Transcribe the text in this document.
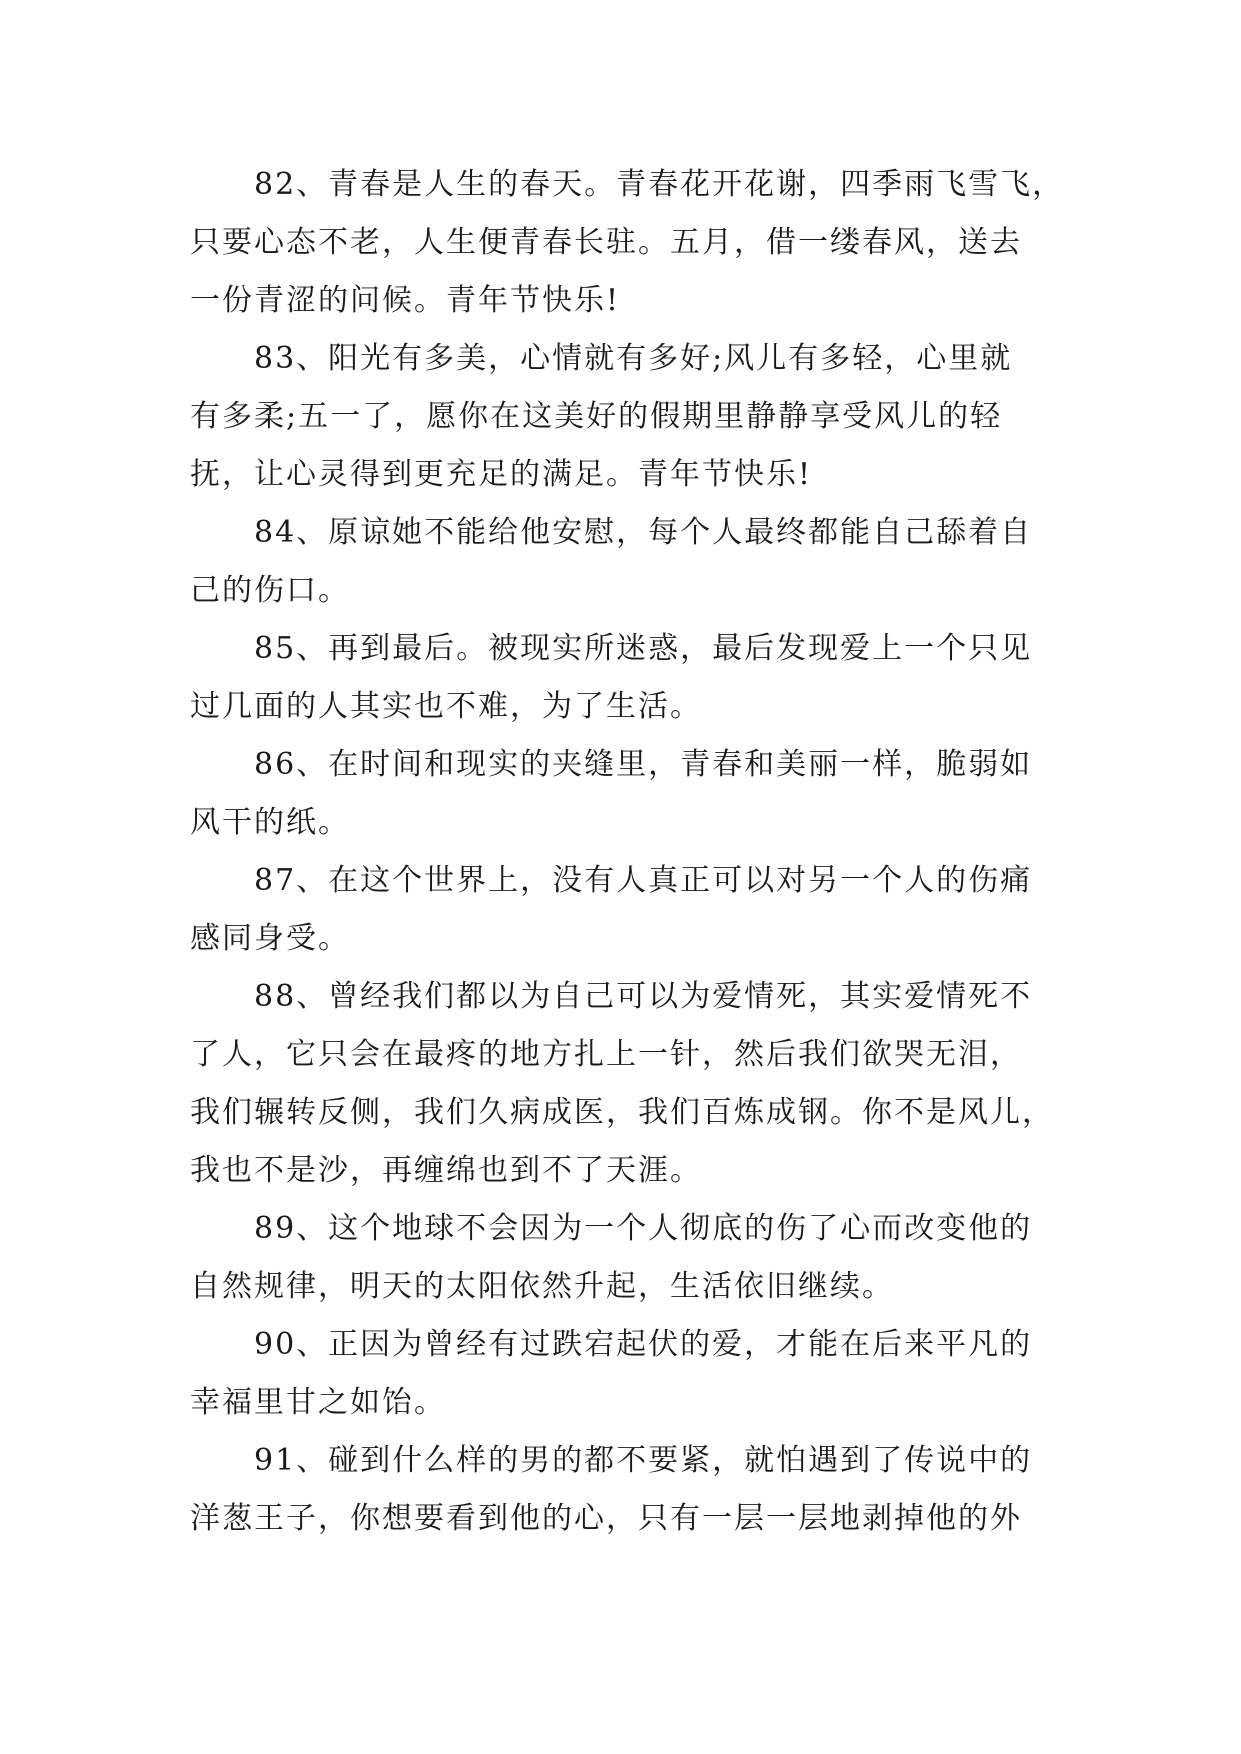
82、青春是人生的春天。青春花开花谢，四季雨飞雪飞，
只要心态不老，人生便青春长驻。五月，借一缕春风，送去
一份青涩的问候。青年节快乐!
83、阳光有多美，心情就有多好;风儿有多轻，心里就
有多柔;五一了，愿你在这美好的假期里静静享受风儿的轻
抚，让心灵得到更充足的满足。青年节快乐!
84、原谅她不能给他安慰，每个人最终都能自己舔着自
己的伤口。
85、再到最后。被现实所迷惑，最后发现爱上一个只见
过几面的人其实也不难，为了生活。
86、在时间和现实的夹缝里，青春和美丽一样，脆弱如
风干的纸。
87、在这个世界上，没有人真正可以对另一个人的伤痛
感同身受。
88、曾经我们都以为自己可以为爱情死，其实爱情死不
了人，它只会在最疼的地方扎上一针，然后我们欲哭无泪，
我们辗转反侧，我们久病成医，我们百炼成钢。你不是风儿，
我也不是沙，再缠绵也到不了天涯。
89、这个地球不会因为一个人彻底的伤了心而改变他的
自然规律，明天的太阳依然升起，生活依旧继续。
90、正因为曾经有过跌宕起伏的爱，才能在后来平凡的
幸福里甘之如饴。
91、碰到什么样的男的都不要紧，就怕遇到了传说中的
洋葱王子，你想要看到他的心，只有一层一层地剥掉他的外
